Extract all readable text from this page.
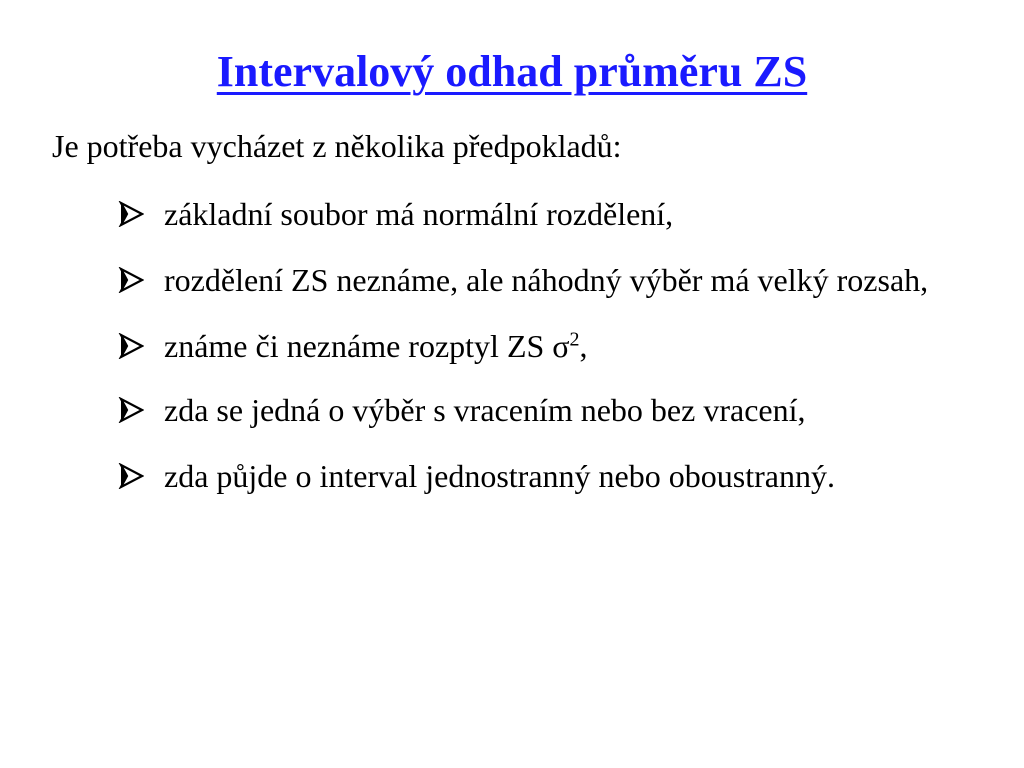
Intervalový odhad průměru ZS
Je potřeba vycházet z několika předpokladů:
základní soubor má normální rozdělení,
rozdělení ZS neznáme, ale náhodný výběr má velký rozsah,
známe či neznáme rozptyl ZS $\sigma^2$,
zda se jedná o výběr s vracením nebo bez vracení,
zda půjde o interval jednostranný nebo oboustranný.
